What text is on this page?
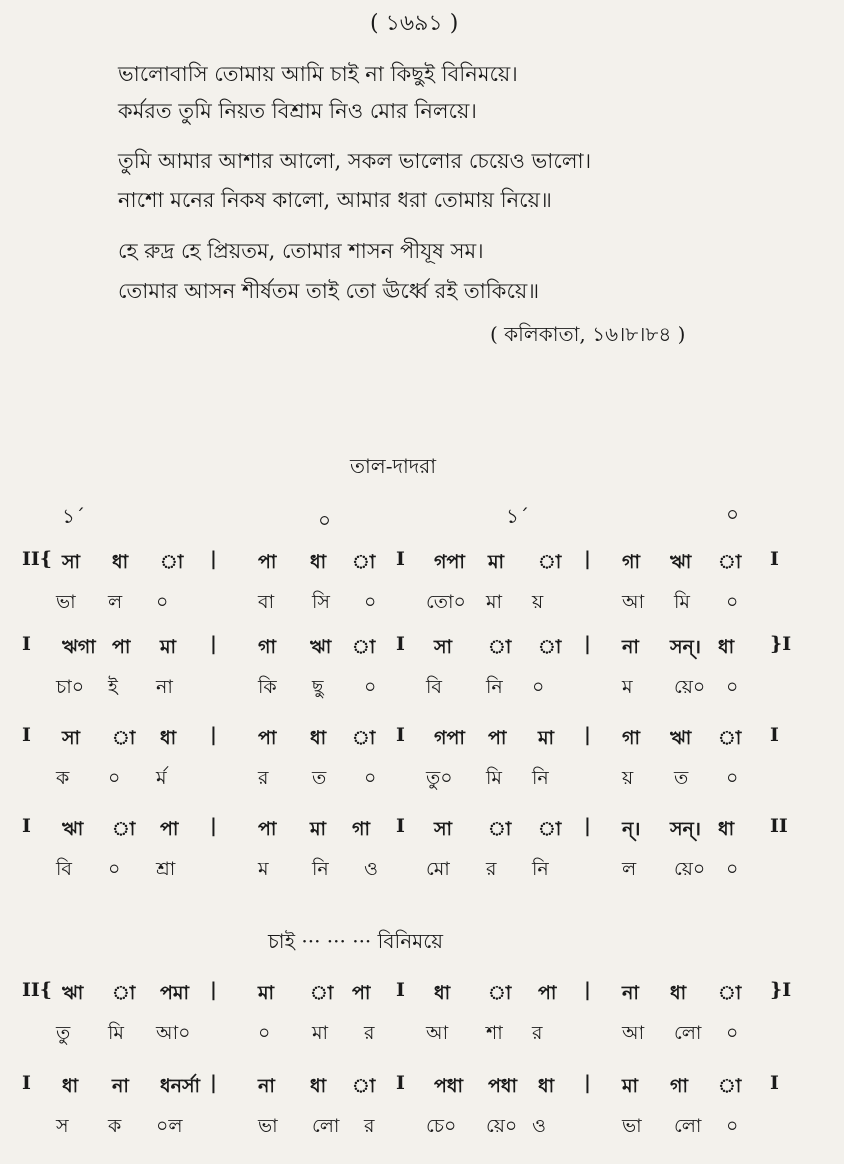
( ১৬৯১ )
ভালোবাসি তোমায় আমি চাই না কিছুই বিনিময়ে।
কর্মরত তুমি নিয়ত বিশ্রাম নিও মোর নিলয়ে।
তুমি আমার আশার আলো, সকল ভালোর চেয়েও ভালো।
নাশো মনের নিকষ কালো, আমার ধরা তোমায় নিয়ে॥
হে রুদ্র হে প্রিয়তম, তোমার শাসন পীযূষ সম।
তোমার আসন শীর্ষতম তাই তো ঊর্ধ্বে রই তাকিয়ে॥
( কলিকাতা, ১৬।৮।৮৪ )
তাল-দাদরা
১´	০	১´	০
চাই ··· ··· ··· বিনিময়ে
II{ সা ধা া | পা ধা া I গপা মা া | গা ঋা া I
ভা ল ০	বা সি ০	তো০ মা য়	আ মি ০
I ঋগা পা মা | গা ঋা া I সা া া | না সন্‌। ধা }I
চা০ ই না	কি ছু ০	বি নি ০	ম য়ে০ ০
I সা া ধা | পা ধা া I গপা পা মা | গা ঋা া I
ক ০ র্ম	র ত ০	তু০ মি নি	য় ত ০
I ঋা া পা | পা মা গা I সা া া | ন্‌। সন্‌। ধা II
বি ০ শ্রা	ম নি ও	মো র নি	ল য়ে০ ০
II{ ঋা া পমা | মা া পা I ধা া পা | না ধা া }I
তু মি আ০	০ মা র	আ শা র	আ লো ০
I ধা না ধনর্সা | না ধা া I পধা পধা ধা | মা গা া I
স ক ০ল	ভা লো র	চে০ য়ে০ ও	ভা লো ০
